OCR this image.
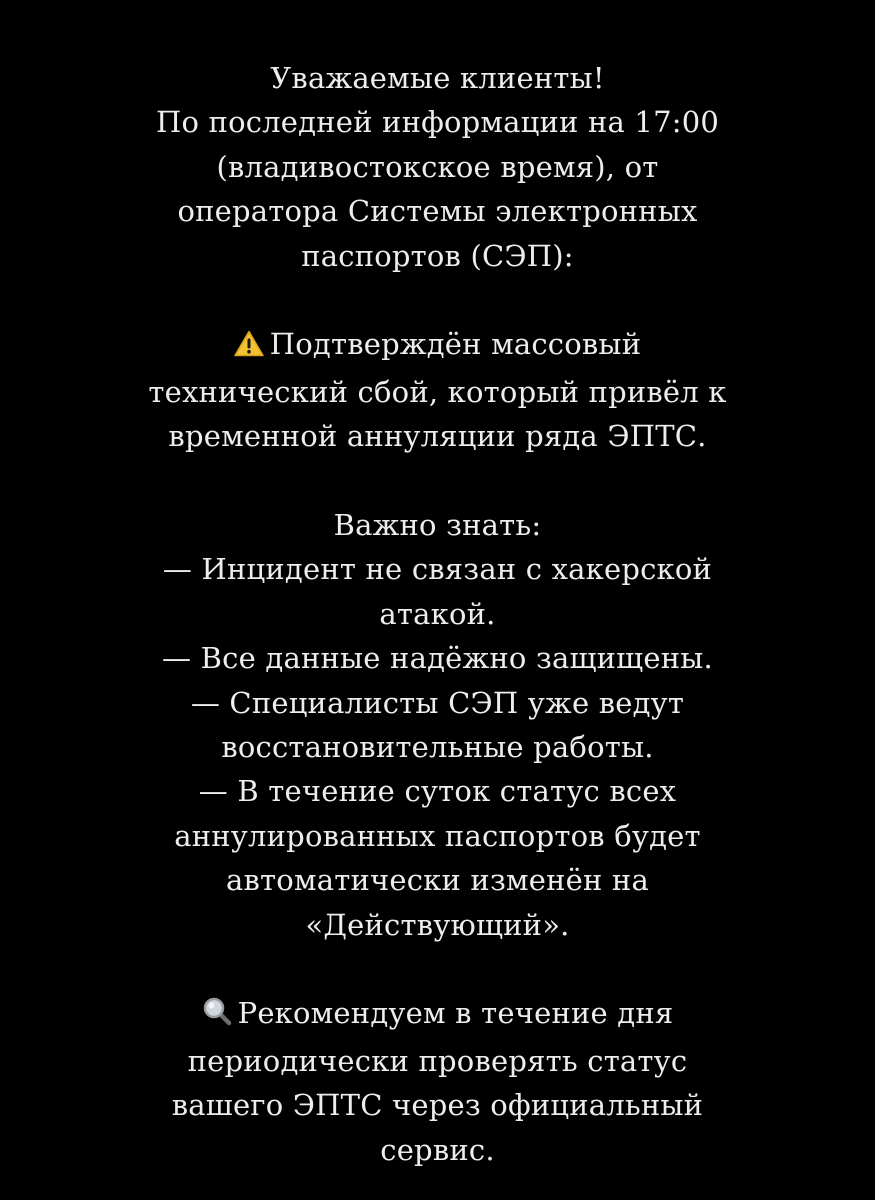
Уважаемые клиенты!
По последней информации на 17:00
(владивостокское время), от
оператора Системы электронных
паспортов (СЭП):
Подтверждён массовый
технический сбой, который привёл к
временной аннуляции ряда ЭПТС.
Важно знать:
— Инцидент не связан с хакерской
атакой.
— Все данные надёжно защищены.
— Специалисты СЭП уже ведут
восстановительные работы.
— В течение суток статус всех
аннулированных паспортов будет
автоматически изменён на
«Действующий».
Рекомендуем в течение дня
периодически проверять статус
вашего ЭПТС через официальный
сервис.
